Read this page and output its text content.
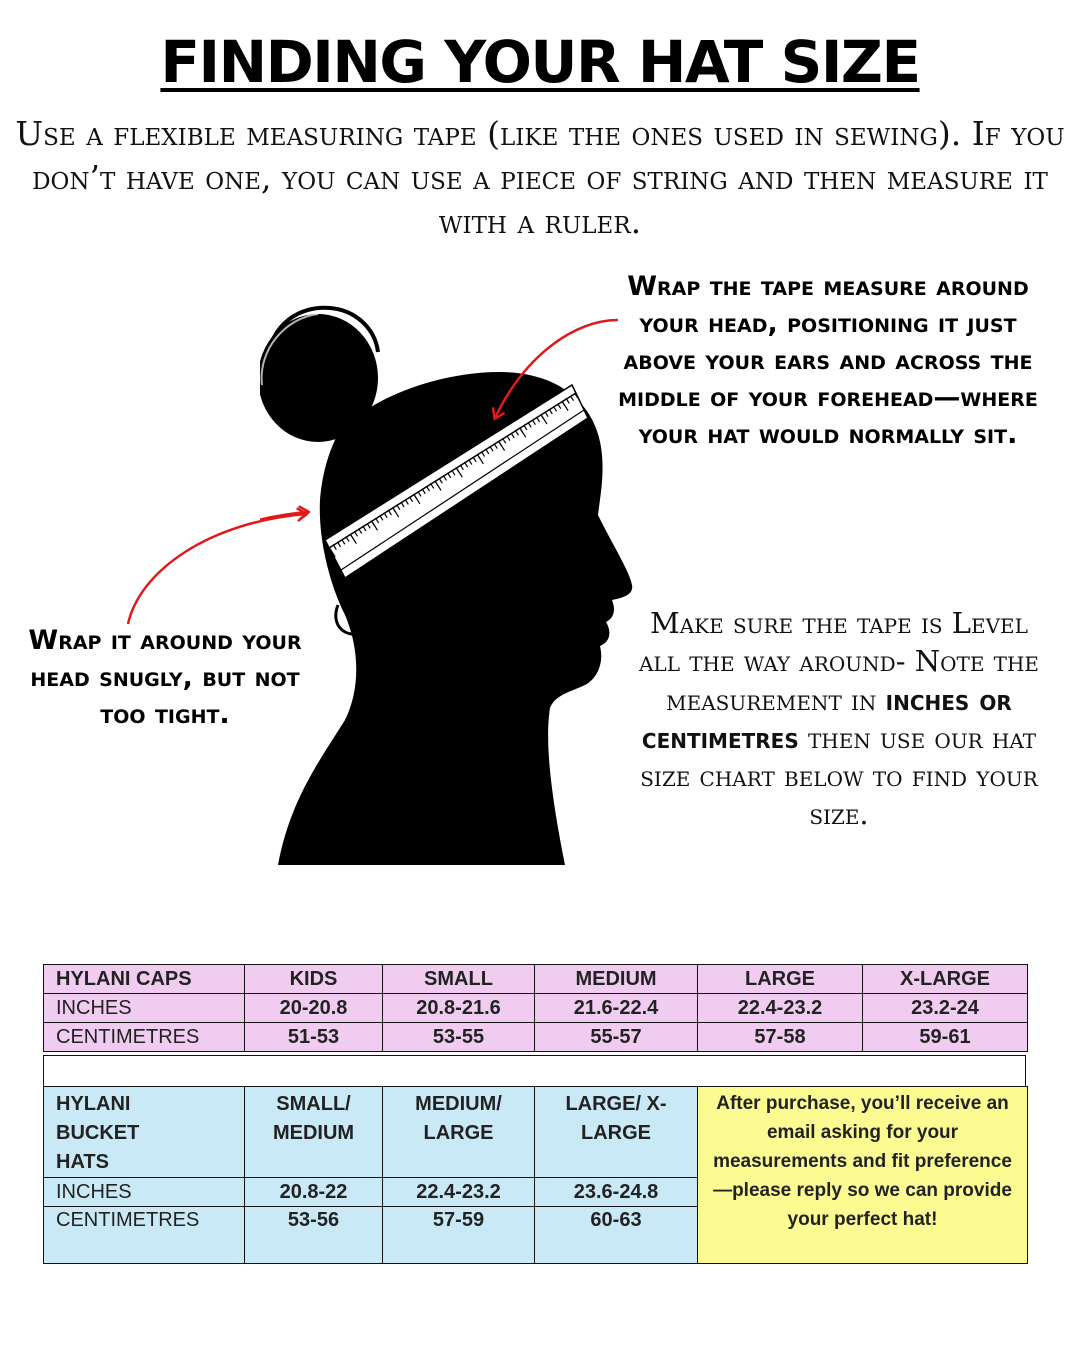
FINDING YOUR HAT SIZE

Use a flexible measuring tape (like the ones used in sewing). If you don’t have one, you can use a piece of string and then measure it with a ruler.

Wrap the tape measure around your head, positioning it just above your ears and across the middle of your forehead—where your hat would normally sit.

Wrap it around your head snugly, but not too tight.

Make sure the tape is Level all the way around- Note the measurement in inches or centimetres then use our hat size chart below to find your size.

HYLANI CAPS	KIDS	SMALL	MEDIUM	LARGE	X-LARGE
INCHES	20-20.8	20.8-21.6	21.6-22.4	22.4-23.2	23.2-24
CENTIMETRES	51-53	53-55	55-57	57-58	59-61
HYLANI BUCKET HATS	SMALL/ MEDIUM	MEDIUM/ LARGE	LARGE/ X-LARGE	After purchase, you’ll receive an email asking for your measurements and fit preference—please reply so we can provide your perfect hat!
INCHES	20.8-22	22.4-23.2	23.6-24.8	
CENTIMETRES	53-56	57-59	60-63	
